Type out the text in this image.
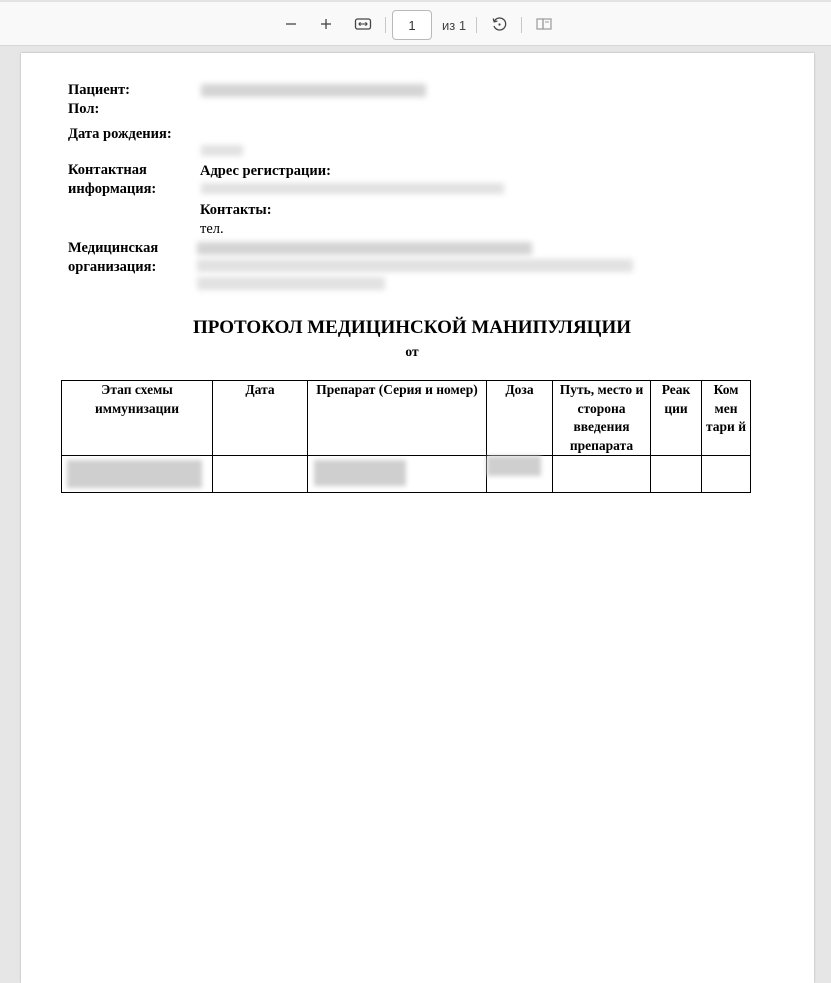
1
из 1
Пациент:
Пол:
Дата рождения:
Контактная информация:
Адрес регистрации:
Контакты:
тел.
Медицинская организация:
ПРОТОКОЛ МЕДИЦИНСКОЙ МАНИПУЛЯЦИИ
от
Этап схемы иммунизации	Дата	Препарат (Серия и номер)	Доза	Путь, место и сторона введения препарата	Реак ции	Ком мен тари й
